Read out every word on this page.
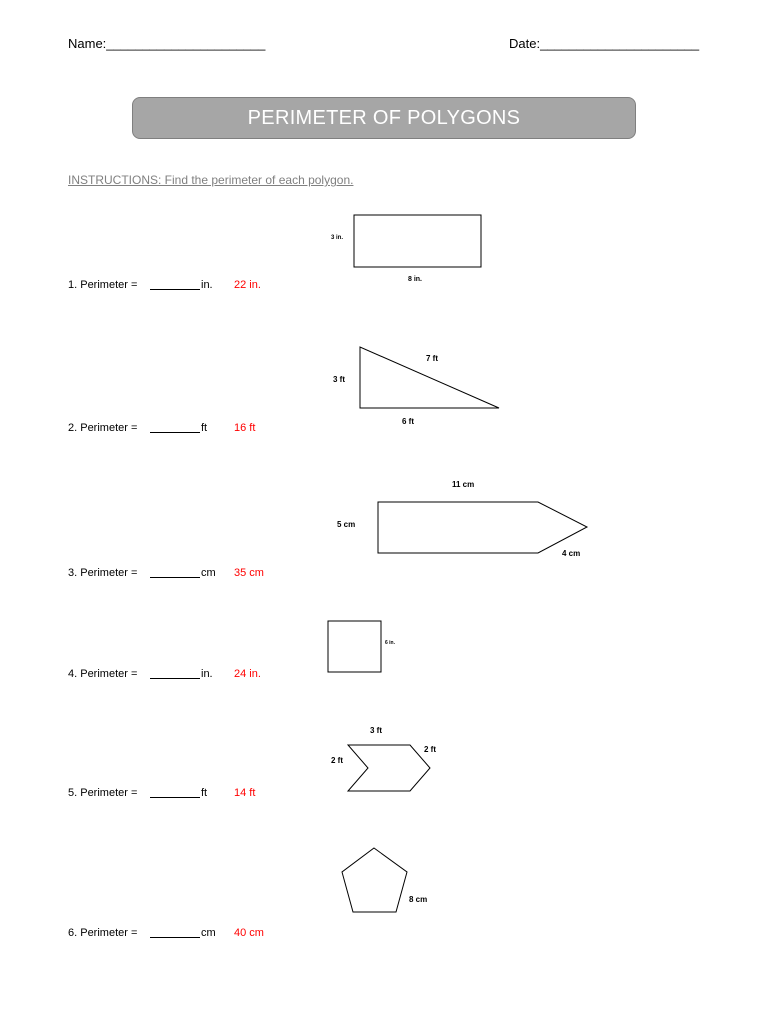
Name:______________________	Date:______________________
PERIMETER OF POLYGONS
INSTRUCTIONS: Find the perimeter of each polygon.
1. Perimeter =	in. 22 in.
2. Perimeter =	ft 16 ft
3. Perimeter =	cm 35 cm
4. Perimeter =	in. 24 in.
5. Perimeter =	ft 14 ft
6. Perimeter =	cm 40 cm
3 in.
8 in.
7 ft
3 ft
6 ft
11 cm
5 cm
4 cm
6 in.
3 ft
2 ft
2 ft
8 cm
